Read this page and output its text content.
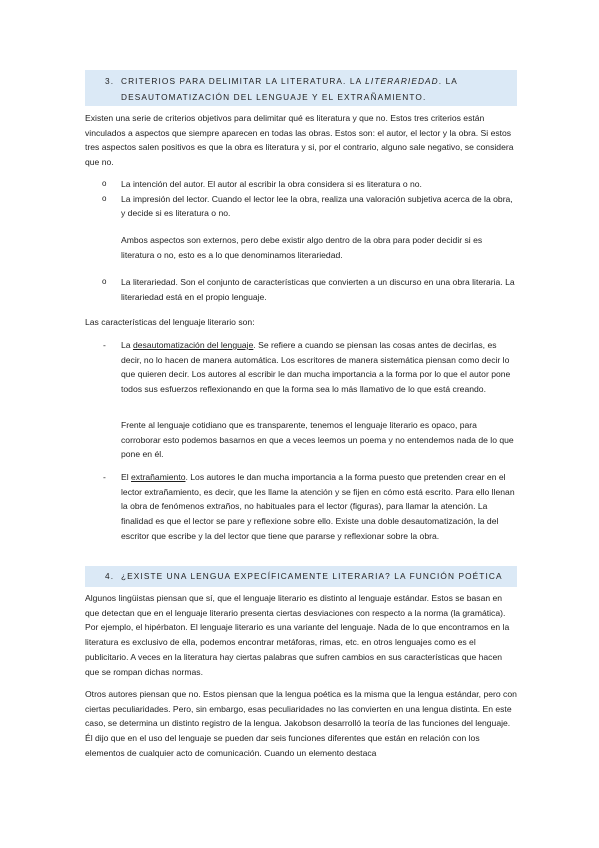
3. CRITERIOS PARA DELIMITAR LA LITERATURA. LA LITERARIEDAD. LA
DESAUTOMATIZACIÓN DEL LENGUAJE Y EL EXTRAÑAMIENTO.

Existen una serie de criterios objetivos para delimitar qué es literatura y que no. Estos tres criterios están vinculados a aspectos que siempre aparecen en todas las obras. Estos son: el autor, el lector y la obra. Si estos tres aspectos salen positivos es que la obra es literatura y si, por el contrario, alguno sale negativo, se considera que no.

o La intención del autor. El autor al escribir la obra considera si es literatura o no.

o La impresión del lector. Cuando el lector lee la obra, realiza una valoración subjetiva acerca de la obra, y decide si es literatura o no.

Ambos aspectos son externos, pero debe existir algo dentro de la obra para poder decidir si es literatura o no, esto es a lo que denominamos literariedad.

o La literariedad. Son el conjunto de características que convierten a un discurso en una obra literaria. La literariedad está en el propio lenguaje.

Las características del lenguaje literario son:

- La desautomatización del lenguaje. Se refiere a cuando se piensan las cosas antes de decirlas, es decir, no lo hacen de manera automática. Los escritores de manera sistemática piensan como decir lo que quieren decir. Los autores al escribir le dan mucha importancia a la forma por lo que el autor pone todos sus esfuerzos reflexionando en que la forma sea lo más llamativo de lo que está creando.

Frente al lenguaje cotidiano que es transparente, tenemos el lenguaje literario es opaco, para corroborar esto podemos basarnos en que a veces leemos un poema y no entendemos nada de lo que pone en él.

- El extrañamiento. Los autores le dan mucha importancia a la forma puesto que pretenden crear en el lector extrañamiento, es decir, que les llame la atención y se fijen en cómo está escrito. Para ello llenan la obra de fenómenos extraños, no habituales para el lector (figuras), para llamar la atención. La finalidad es que el lector se pare y reflexione sobre ello. Existe una doble desautomatización, la del escritor que escribe y la del lector que tiene que pararse y reflexionar sobre la obra.

4. ¿EXISTE UNA LENGUA EXPECÍFICAMENTE LITERARIA? LA FUNCIÓN POÉTICA

Algunos lingüistas piensan que sí, que el lenguaje literario es distinto al lenguaje estándar. Estos se basan en que detectan que en el lenguaje literario presenta ciertas desviaciones con respecto a la norma (la gramática). Por ejemplo, el hipérbaton. El lenguaje literario es una variante del lenguaje. Nada de lo que encontramos en la literatura es exclusivo de ella, podemos encontrar metáforas, rimas, etc. en otros lenguajes como es el publicitario. A veces en la literatura hay ciertas palabras que sufren cambios en sus características que hacen que se rompan dichas normas.

Otros autores piensan que no. Estos piensan que la lengua poética es la misma que la lengua estándar, pero con ciertas peculiaridades. Pero, sin embargo, esas peculiaridades no las convierten en una lengua distinta. En este caso, se determina un distinto registro de la lengua. Jakobson desarrolló la teoría de las funciones del lenguaje. Él dijo que en el uso del lenguaje se pueden dar seis funciones diferentes que están en relación con los elementos de cualquier acto de comunicación. Cuando un elemento destaca
